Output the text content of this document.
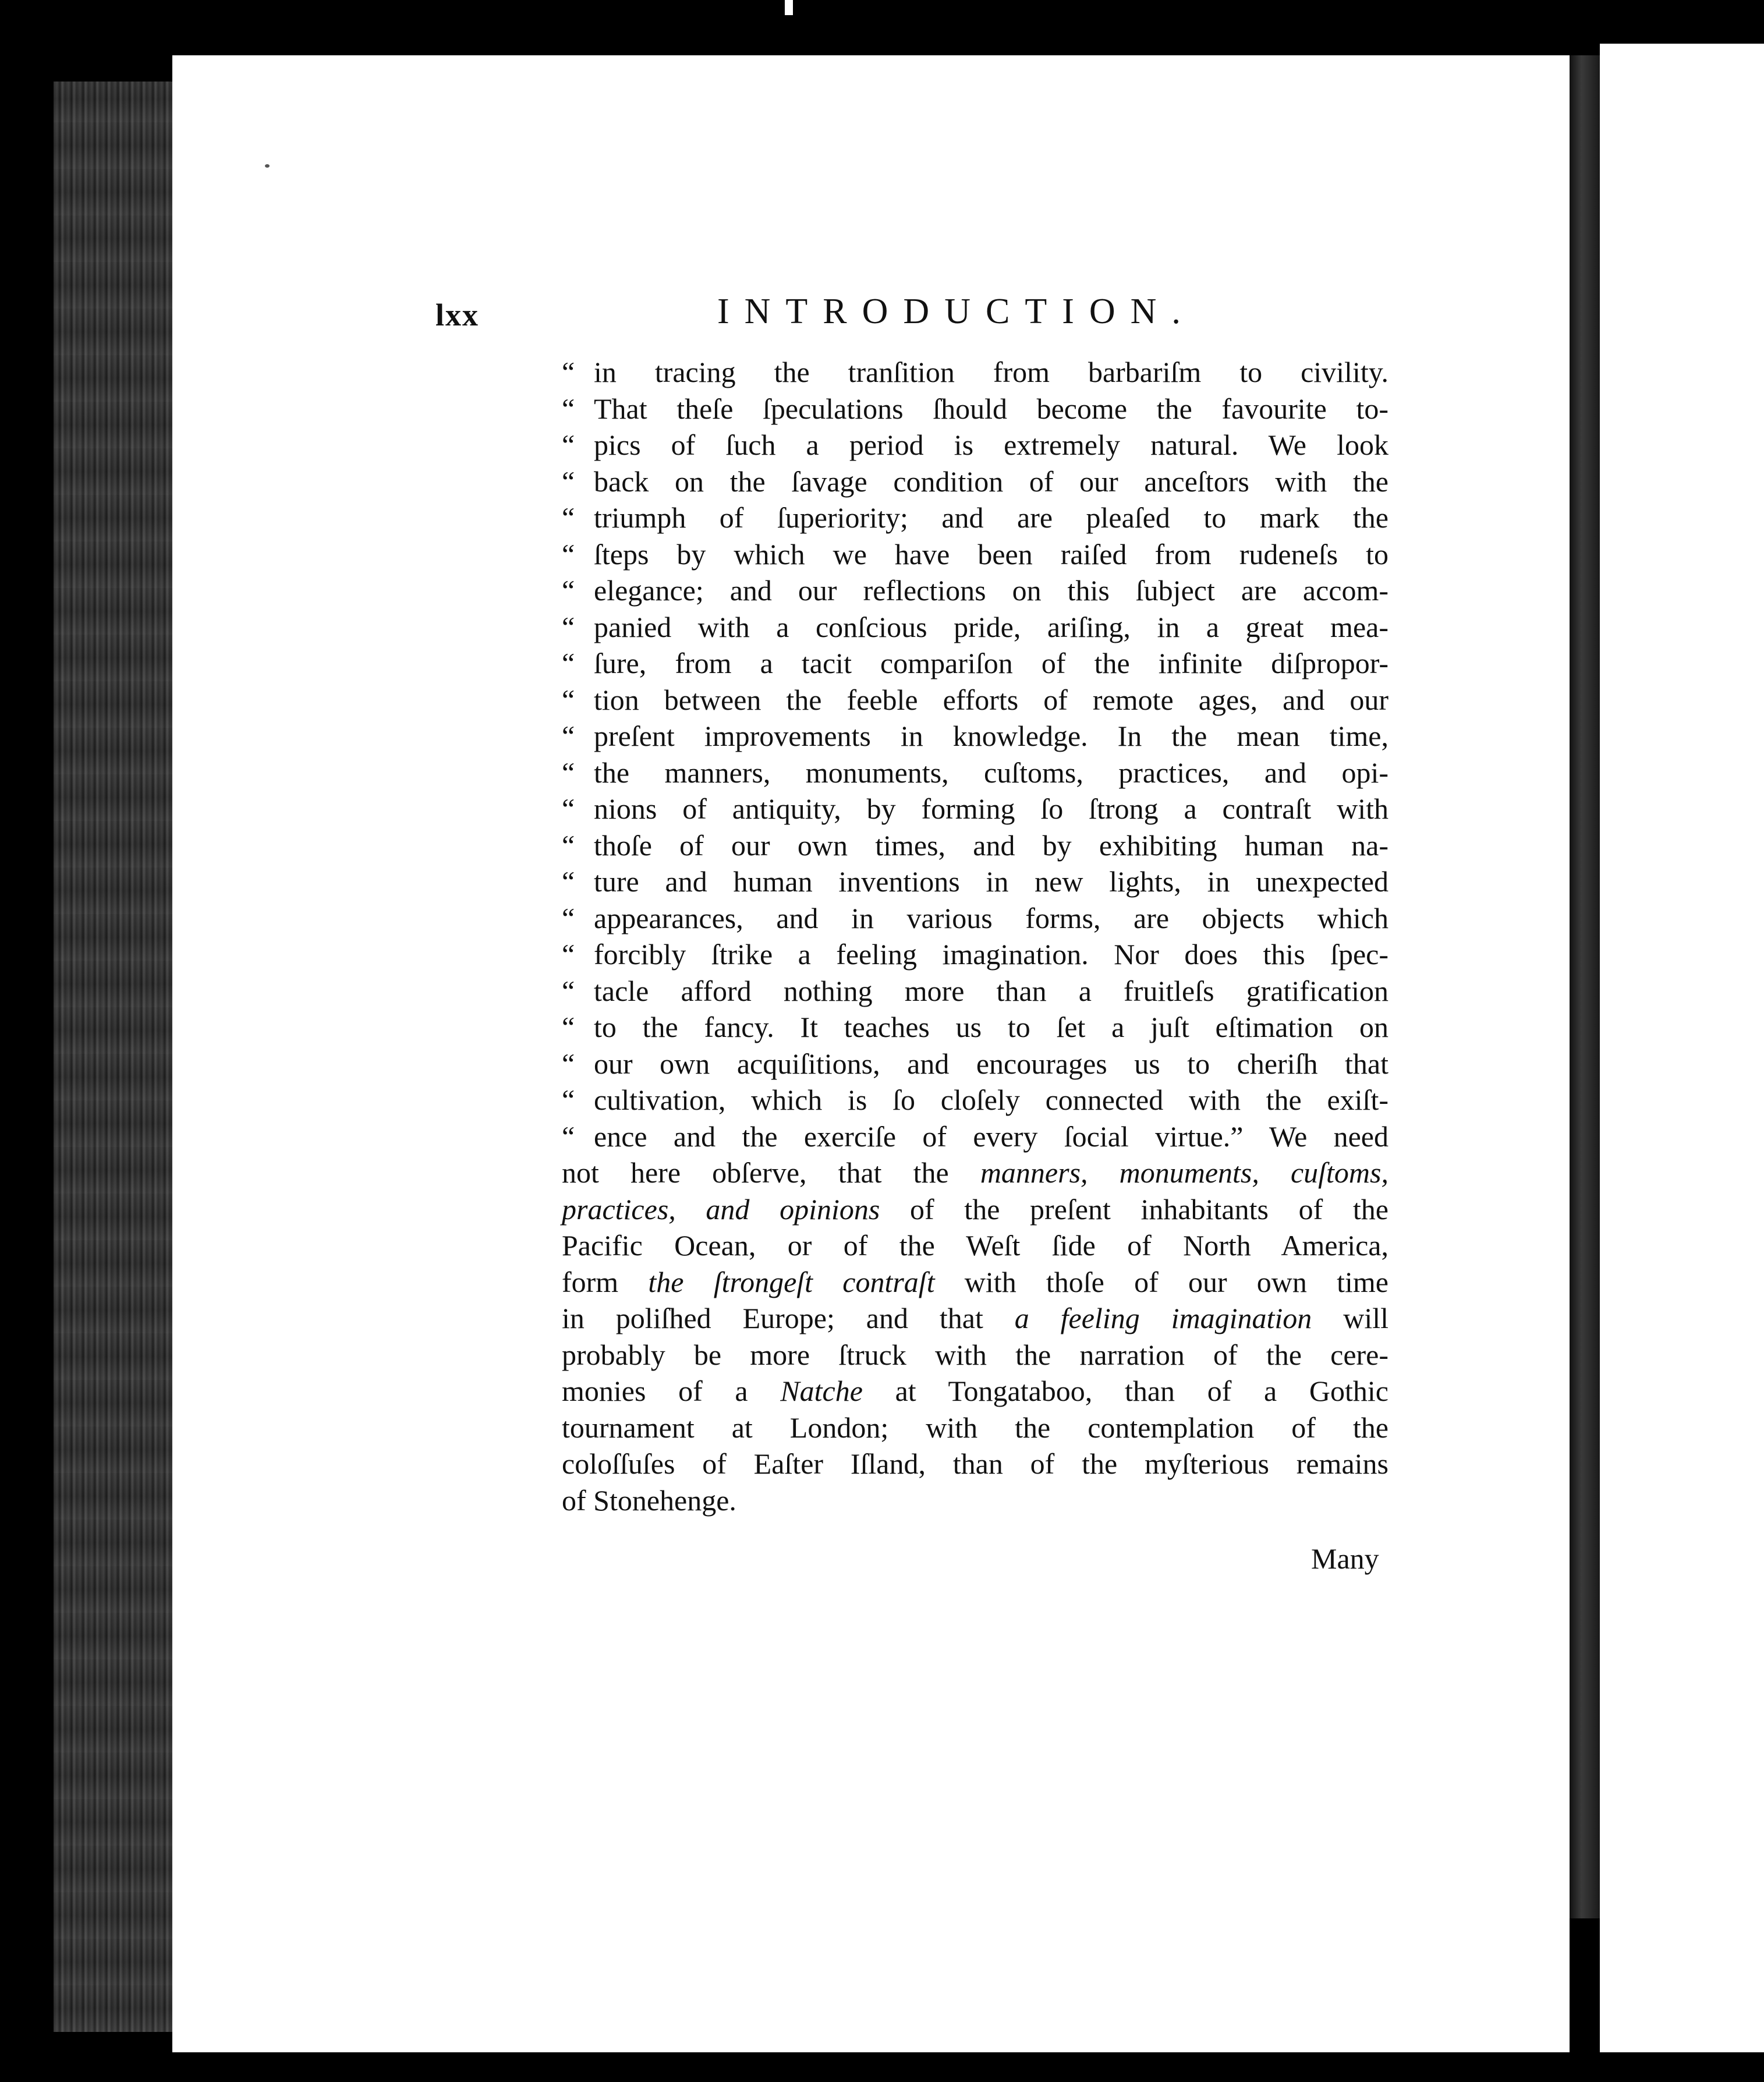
lxx	INTRODUCTION.
“ in tracing the tranſition from barbariſm to civility.
“ That theſe ſpeculations ſhould become the favourite to-
“ pics of ſuch a period is extremely natural. We look
“ back on the ſavage condition of our anceſtors with the
“ triumph of ſuperiority; and are pleaſed to mark the
“ ſteps by which we have been raiſed from rudeneſs to
“ elegance; and our reflections on this ſubject are accom-
“ panied with a conſcious pride, ariſing, in a great mea-
“ ſure, from a tacit compariſon of the infinite diſpropor-
“ tion between the feeble efforts of remote ages, and our
“ preſent improvements in knowledge. In the mean time,
“ the manners, monuments, cuſtoms, practices, and opi-
“ nions of antiquity, by forming ſo ſtrong a contraſt with
“ thoſe of our own times, and by exhibiting human na-
“ ture and human inventions in new lights, in unexpected
“ appearances, and in various forms, are objects which
“ forcibly ſtrike a feeling imagination. Nor does this ſpec-
“ tacle afford nothing more than a fruitleſs gratification
“ to the fancy. It teaches us to ſet a juſt eſtimation on
“ our own acquiſitions, and encourages us to cheriſh that
“ cultivation, which is ſo cloſely connected with the exiſt-
“ ence and the exerciſe of every ſocial virtue.” We need
not here obſerve, that the manners, monuments, cuſtoms,
practices, and opinions of the preſent inhabitants of the
Pacific Ocean, or of the Weſt ſide of North America,
form the ſtrongeſt contraſt with thoſe of our own time
in poliſhed Europe; and that a feeling imagination will
probably be more ſtruck with the narration of the cere-
monies of a Natche at Tongataboo, than of a Gothic
tournament at London; with the contemplation of the
coloſſuſes of Eaſter Iſland, than of the myſterious remains
of Stonehenge.
Many
